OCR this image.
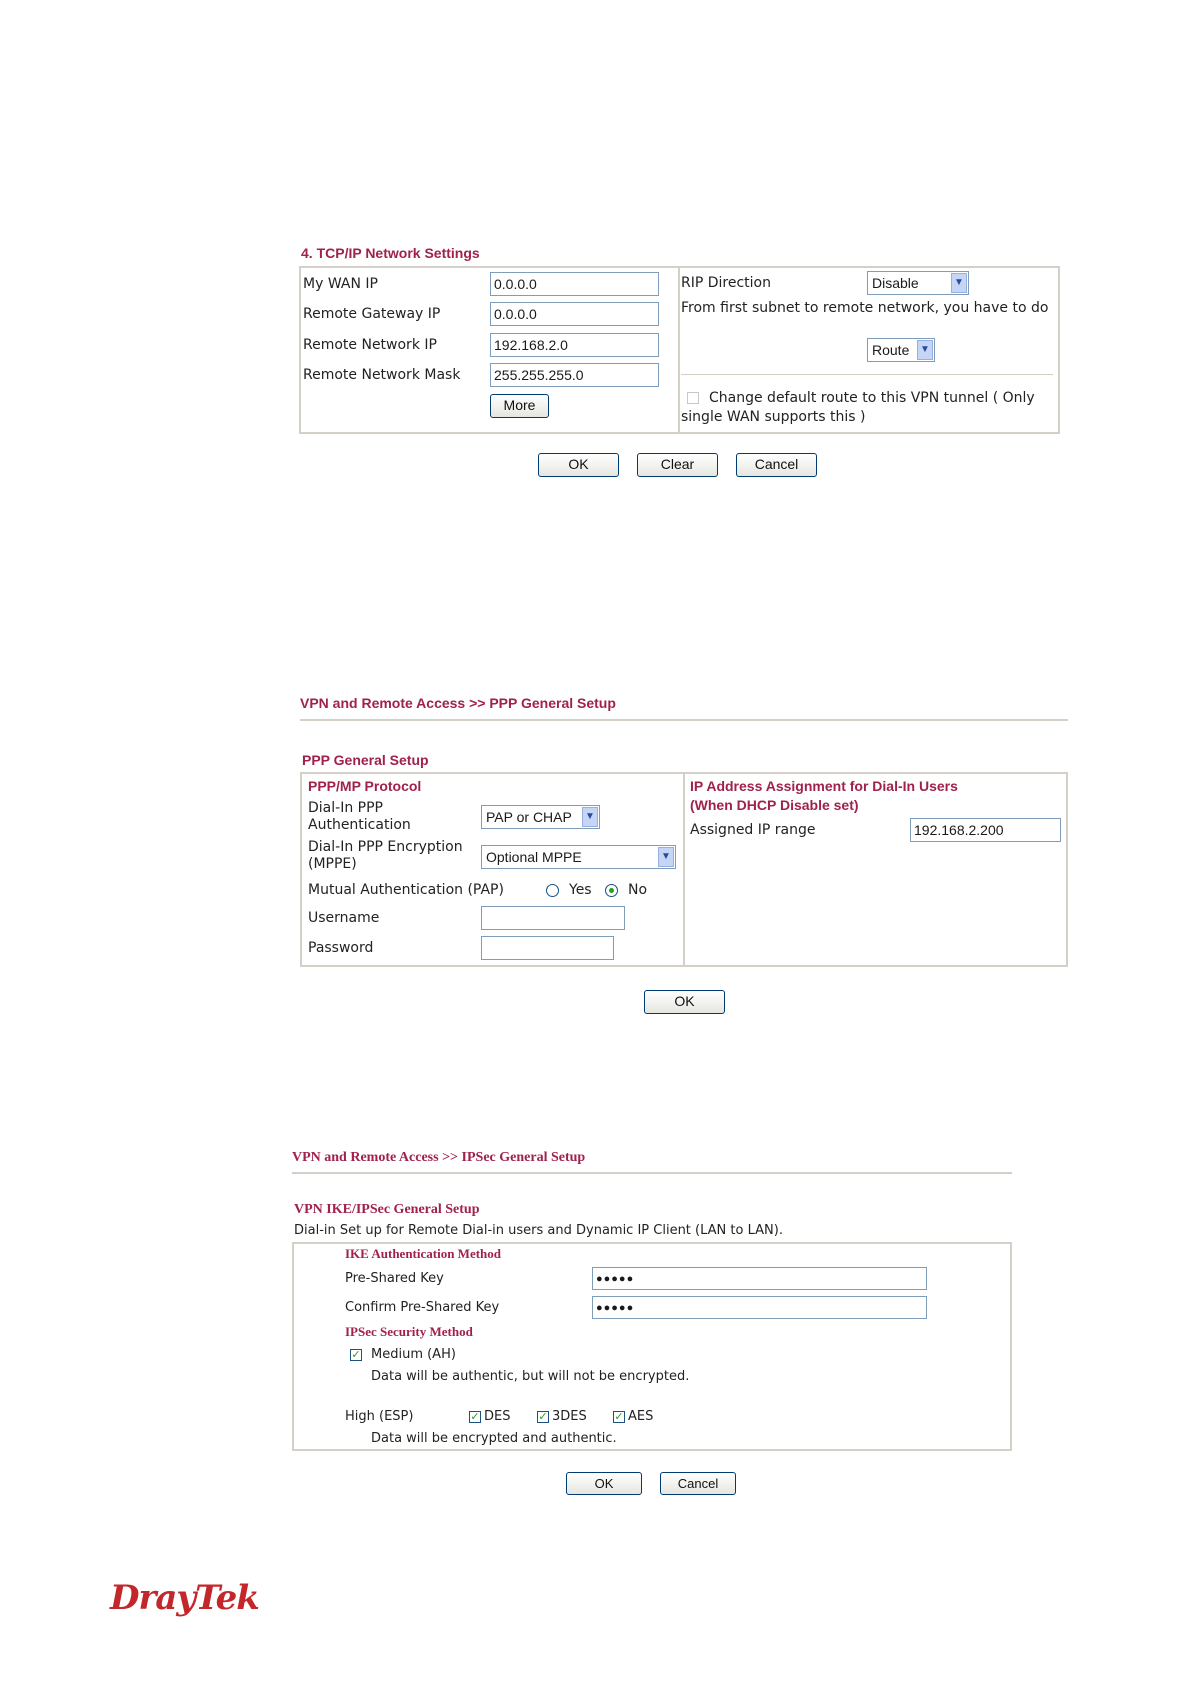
4. TCP/IP Network Settings
My WAN IP	0.0.0.0
Remote Gateway IP	0.0.0.0
Remote Network IP	192.168.2.0
Remote Network Mask 255.255.255.0
More
RIP Direction	Disable	▼
From first subnet to remote network, you have to do
Route	▼
Change default route to this VPN tunnel ( Only single WAN supports this )
OK	Clear	Cancel
VPN and Remote Access >> PPP General Setup
PPP General Setup
PPP/MP Protocol
Dial-In PPP Authentication	PAP or CHAP	▼
Dial-In PPP Encryption (MPPE)	Optional MPPE	▼
Mutual Authentication (PAP)	Yes	No
Username
Password
IP Address Assignment for Dial-In Users (When DHCP Disable set)
Assigned IP range	192.168.2.200
OK
VPN and Remote Access >> IPSec General Setup
VPN IKE/IPSec General Setup
Dial-in Set up for Remote Dial-in users and Dynamic IP Client (LAN to LAN).
IKE Authentication Method
Pre-Shared Key	●●●●●
Confirm Pre-Shared Key	●●●●●
IPSec Security Method
✓ Medium (AH)
Data will be authentic, but will not be encrypted.
High (ESP)	✓ DES	✓ 3DES	✓ AES
Data will be encrypted and authentic.
OK	Cancel
DrayTek
